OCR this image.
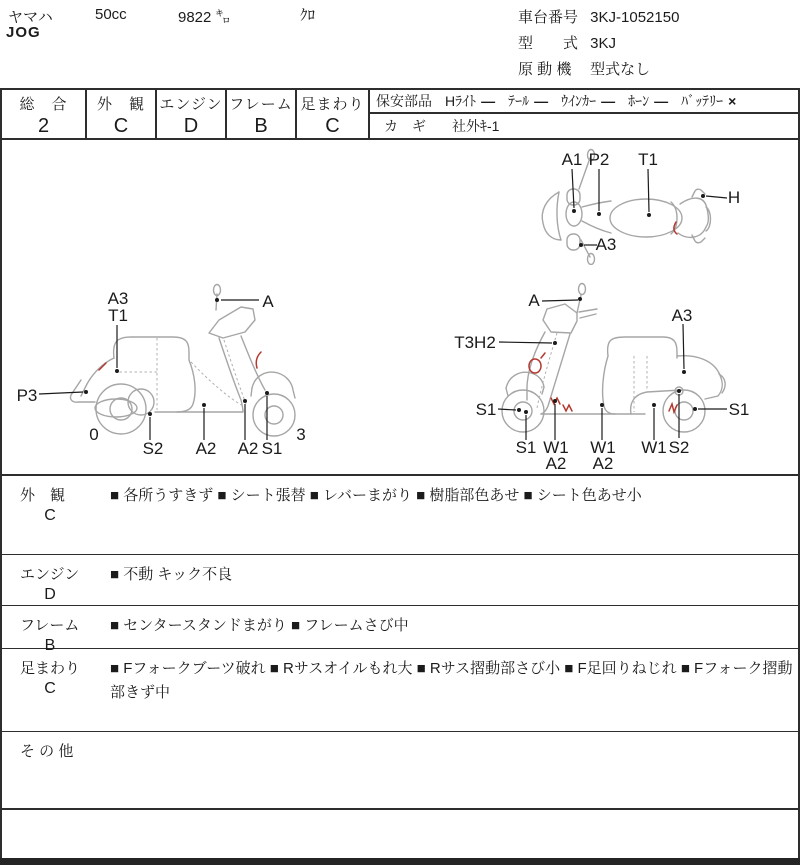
ヤマハ	50cc	9822 ㌔	ｸﾛ
JOG
車台番号 3KJ-1052150
型　　式 3KJ
原 動 機 型式なし
総　合
2
外　観
C
エンジン
D
フレーム
B
足まわり
C
保安部品 Hﾗｲﾄ — ﾃｰﾙ — ｳｲﾝｶｰ — ﾎｰﾝ — ﾊﾞｯﾃﾘｰ ×
カ　ギ 社外ｷ-1
A1 P2 T1
H
A3
A3
T1
A
P3
0
S2 A2 A2 S1
3
A
T3H2
A3
S1
S1 W1
A2
W1
A2
W1 S2
S1
外　観
C
■ 各所うすきず ■ シート張替 ■ レバーまがり ■ 樹脂部色あせ ■ シート色あせ小
エンジン
D
■ 不動 キック不良
フレーム
B
■ センタースタンドまがり ■ フレームさび中
足まわり
C
■ Fフォークブーツ破れ ■ Rサスオイルもれ大 ■ Rサス摺動部さび小 ■ F足回りねじれ ■ Fフォーク摺動部きず中
そ の 他
